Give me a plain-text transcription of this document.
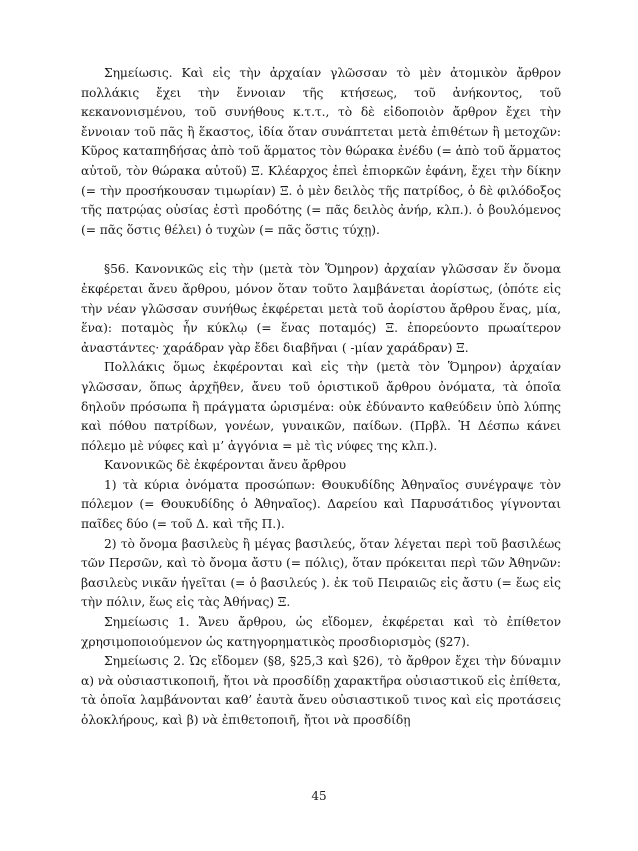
Σημείωσις. Καὶ εἰς τὴν ἀρχαίαν γλῶσσαν τὸ μὲν ἀτομικὸν ἄρθρον πολλάκις ἔχει τὴν ἔννοιαν τῆς κτήσεως, τοῦ ἀνήκοντος, τοῦ κεκανονισμένου, τοῦ συνήθους κ.τ.τ., τὸ δὲ εἰδοποιὸν ἄρθρον ἔχει τὴν ἔννοιαν τοῦ πᾶς ἢ ἕκαστος, ἰδία ὅταν συνάπτεται μετὰ ἐπιθέτων ἢ μετοχῶν: Κῦρος καταπηδήσας ἀπὸ τοῦ ἅρματος τὸν θώρακα ἐνέδυ (= ἀπὸ τοῦ ἅρματος αὐτοῦ, τὸν θώρακα αὐτοῦ) Ξ. Κλέαρχος ἐπεὶ ἐπιορκῶν ἐφάνη, ἔχει τὴν δίκην (= τὴν προσήκουσαν τιμωρίαν) Ξ. ὁ μὲν δειλὸς τῆς πατρίδος, ὁ δὲ φιλόδοξος τῆς πατρῴας οὐσίας ἐστὶ προδότης (= πᾶς δειλὸς ἀνήρ, κλπ.). ὁ βουλόμενος (= πᾶς ὅστις θέλει) ὁ τυχὼν (= πᾶς ὅστις τύχῃ).

§56. Κανονικῶς εἰς τὴν (μετὰ τὸν Ὅμηρον) ἀρχαίαν γλῶσσαν ἕν ὄνομα ἐκφέρεται ἄνευ ἄρθρου, μόνον ὅταν τοῦτο λαμβάνεται ἀορίστως, (ὁπότε εἰς τὴν νέαν γλῶσσαν συνήθως ἐκφέρεται μετὰ τοῦ ἀορίστου ἄρθρου ἕνας, μία, ἕνα): ποταμὸς ἦν κύκλῳ (= ἕνας ποταμός) Ξ. ἐπορεύοντο πρωαίτερον ἀναστάντες· χαράδραν γὰρ ἔδει διαβῆναι ( -μίαν χαράδραν) Ξ.

Πολλάκις ὅμως ἐκφέρονται καὶ εἰς τὴν (μετὰ τὸν Ὅμηρον) ἀρχαίαν γλῶσσαν, ὅπως ἀρχῆθεν, ἄνευ τοῦ ὁριστικοῦ ἄρθρου ὀνόματα, τὰ ὁποῖα δηλοῦν πρόσωπα ἢ πράγματα ὡρισμένα: οὐκ ἐδύναντο καθεύδειν ὑπὸ λύπης καὶ πόθου πατρίδων, γονέων, γυναικῶν, παίδων. (Πρβλ. Ἡ Δέσπω κάνει πόλεμο μὲ νύφες καὶ μ’ ἀγγόνια = μὲ τὶς νύφες της κλπ.).

Κανονικῶς δὲ ἐκφέρονται ἄνευ ἄρθρου

1) τὰ κύρια ὀνόματα προσώπων: Θουκυδίδης Ἀθηναῖος συνέγραψε τὸν πόλεμον (= Θουκυδίδης ὁ Ἀθηναῖος). Δαρείου καὶ Παρυσάτιδος γίγνονται παῖδες δύο (= τοῦ Δ. καὶ τῆς Π.).

2) τὸ ὄνομα βασιλεὺς ἢ μέγας βασιλεύς, ὅταν λέγεται περὶ τοῦ βασιλέως τῶν Περσῶν, καὶ τὸ ὄνομα ἄστυ (= πόλις), ὅταν πρόκειται περὶ τῶν Ἀθηνῶν: βασιλεὺς νικᾶν ἡγεῖται (= ὁ βασιλεύς ). ἐκ τοῦ Πειραιῶς εἰς ἄστυ (= ἕως εἰς τὴν πόλιν, ἕως εἰς τὰς Ἀθήνας) Ξ.

Σημείωσις 1. Ἄνευ ἄρθρου, ὡς εἴδομεν, ἐκφέρεται καὶ τὸ ἐπίθετον χρησιμοποιούμενον ὡς κατηγορηματικὸς προσδιορισμὸς (§27).

Σημείωσις 2. Ὡς εἴδομεν (§8, §25,3 καὶ §26), τὸ ἄρθρον ἔχει τὴν δύναμιν α) νὰ οὐσιαστικοποιῆ, ἤτοι νὰ προσδίδῃ χαρακτῆρα οὐσιαστικοῦ εἰς ἐπίθετα, τὰ ὁποῖα λαμβάνονται καθ’ ἑαυτὰ ἄνευ οὐσιαστικοῦ τινος καὶ εἰς προτάσεις ὁλοκλήρους, καὶ β) νὰ ἐπιθετοποιῆ, ἤτοι νὰ προσδίδῃ

45
